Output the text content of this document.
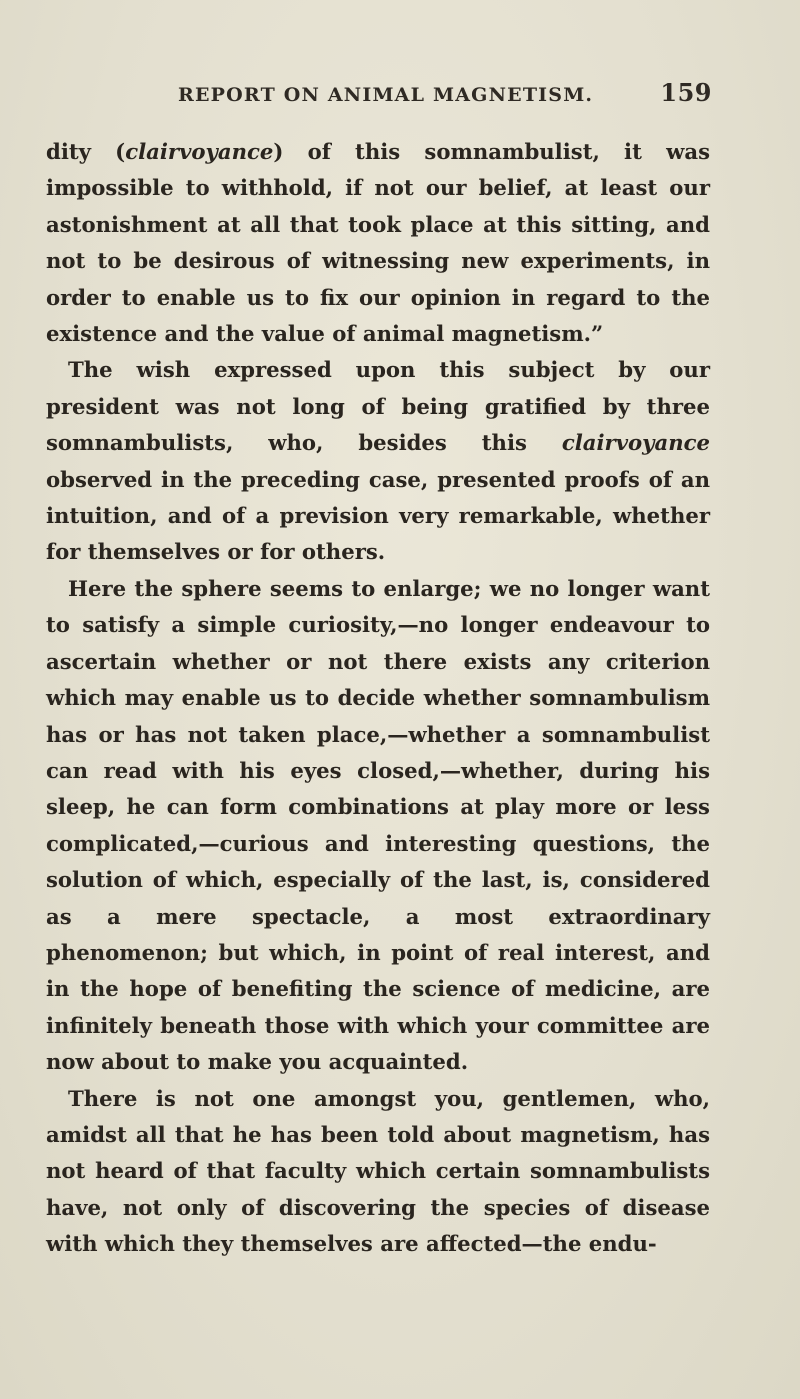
REPORT ON ANIMAL MAGNETISM.	159

dity (clairvoyance) of this somnambulist, it was impossible to withhold, if not our belief, at least our astonishment at all that took place at this sitting, and not to be desirous of witnessing new experiments, in order to enable us to fix our opinion in regard to the existence and the value of animal magnetism.”

The wish expressed upon this subject by our president was not long of being gratified by three somnambulists, who, besides this clairvoyance observed in the preceding case, presented proofs of an intuition, and of a prevision very remarkable, whether for themselves or for others.

Here the sphere seems to enlarge; we no longer want to satisfy a simple curiosity,—no longer endeavour to ascertain whether or not there exists any criterion which may enable us to decide whether somnambulism has or has not taken place,—whether a somnambulist can read with his eyes closed,—whether, during his sleep, he can form combinations at play more or less complicated,—curious and interesting questions, the solution of which, especially of the last, is, considered as a mere spectacle, a most extraordinary phenomenon; but which, in point of real interest, and in the hope of benefiting the science of medicine, are infinitely beneath those with which your committee are now about to make you acquainted.

There is not one amongst you, gentlemen, who, amidst all that he has been told about magnetism, has not heard of that faculty which certain somnambulists have, not only of discovering the species of disease with which they themselves are affected—the endu-
